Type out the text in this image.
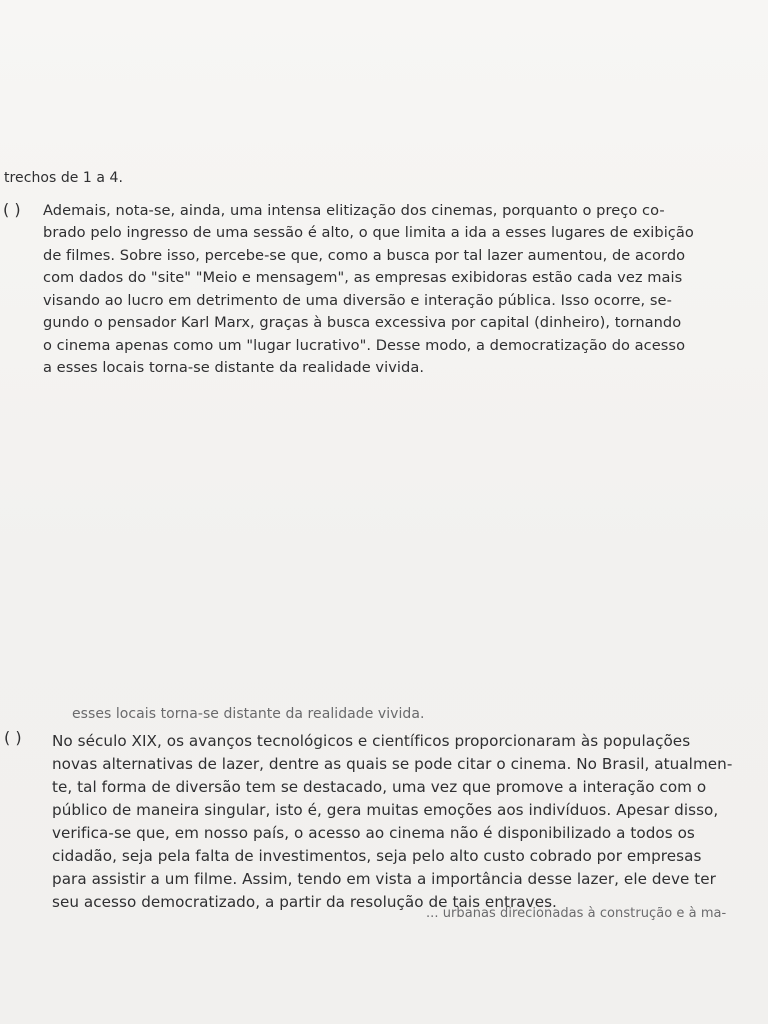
trechos de 1 a 4.
( ) Ademais, nota-se, ainda, uma intensa elitização dos cinemas, porquanto o preço co-
brado pelo ingresso de uma sessão é alto, o que limita a ida a esses lugares de exibição
de filmes. Sobre isso, percebe-se que, como a busca por tal lazer aumentou, de acordo
com dados do "site" "Meio e mensagem", as empresas exibidoras estão cada vez mais
visando ao lucro em detrimento de uma diversão e interação pública. Isso ocorre, se-
gundo o pensador Karl Marx, graças à busca excessiva por capital (dinheiro), tornando
o cinema apenas como um "lugar lucrativo". Desse modo, a democratização do acesso
a esses locais torna-se distante da realidade vivida.
esses locais torna-se distante da realidade vivida.
( ) No século XIX, os avanços tecnológicos e científicos proporcionaram às populações
novas alternativas de lazer, dentre as quais se pode citar o cinema. No Brasil, atualmen-
te, tal forma de diversão tem se destacado, uma vez que promove a interação com o
público de maneira singular, isto é, gera muitas emoções aos indivíduos. Apesar disso,
verifica-se que, em nosso país, o acesso ao cinema não é disponibilizado a todos os
cidadão, seja pela falta de investimentos, seja pelo alto custo cobrado por empresas
para assistir a um filme. Assim, tendo em vista a importância desse lazer, ele deve ter
seu acesso democratizado, a partir da resolução de tais entraves.
... urbanas direcionadas à construção e à ma-
